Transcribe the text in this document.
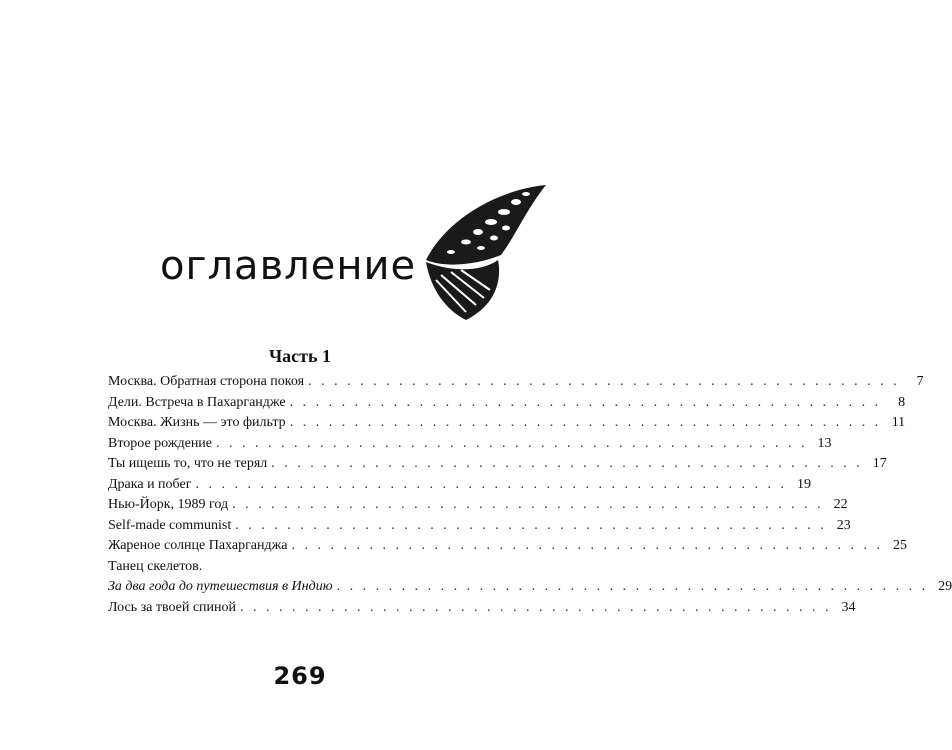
оглавление
Часть 1
Москва. Обратная сторона покоя . . . . . . . . . . . . . . . . . . . . . . . . . . . . . . . . . . . . . . . . . . . . . .	7
Дели. Встреча в Пахаргандже . . . . . . . . . . . . . . . . . . . . . . . . . . . . . . . . . . . . . . . . . . . . . .	8
Москва. Жизнь — это фильтр . . . . . . . . . . . . . . . . . . . . . . . . . . . . . . . . . . . . . . . . . . . . . . 11
Второе рождение . . . . . . . . . . . . . . . . . . . . . . . . . . . . . . . . . . . . . . . . . . . . . . 13
Ты ищешь то, что не терял . . . . . . . . . . . . . . . . . . . . . . . . . . . . . . . . . . . . . . . . . . . . . . 17
Драка и побег . . . . . . . . . . . . . . . . . . . . . . . . . . . . . . . . . . . . . . . . . . . . . . 19
Нью-Йорк, 1989 год . . . . . . . . . . . . . . . . . . . . . . . . . . . . . . . . . . . . . . . . . . . . . . 22
Self-made communist . . . . . . . . . . . . . . . . . . . . . . . . . . . . . . . . . . . . . . . . . . . . . . 23
Жареное солнце Пахарганджа . . . . . . . . . . . . . . . . . . . . . . . . . . . . . . . . . . . . . . . . . . . . . . 25
Танец скелетов.
За два года до путешествия в Индию . . . . . . . . . . . . . . . . . . . . . . . . . . . . . . . . . . . . . . . . . . . . . . 29
Лось за твоей спиной . . . . . . . . . . . . . . . . . . . . . . . . . . . . . . . . . . . . . . . . . . . . . . 34
269
